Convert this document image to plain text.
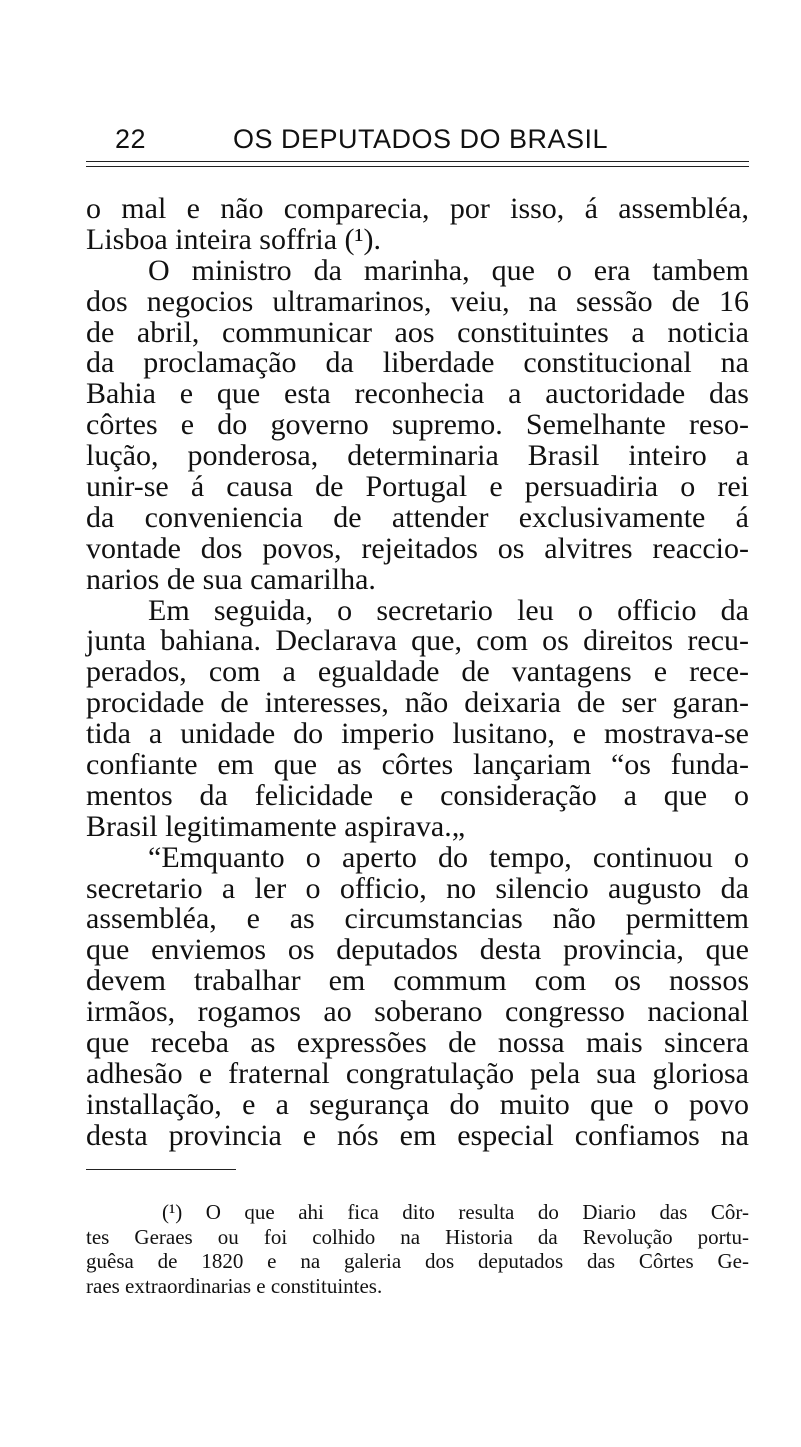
22	OS DEPUTADOS DO BRASIL
o mal e não comparecia, por isso, á assembléa,
Lisboa inteira soffria (¹).
O ministro da marinha, que o era tambem
dos negocios ultramarinos, veiu, na sessão de 16
de abril, communicar aos constituintes a noticia
da proclamação da liberdade constitucional na
Bahia e que esta reconhecia a auctoridade das
côrtes e do governo supremo. Semelhante reso-
lução, ponderosa, determinaria Brasil inteiro a
unir-se á causa de Portugal e persuadiria o rei
da conveniencia de attender exclusivamente á
vontade dos povos, rejeitados os alvitres reaccio-
narios de sua camarilha.
Em seguida, o secretario leu o officio da
junta bahiana. Declarava que, com os direitos recu-
perados, com a egualdade de vantagens e rece-
procidade de interesses, não deixaria de ser garan-
tida a unidade do imperio lusitano, e mostrava-se
confiante em que as côrtes lançariam “os funda-
mentos da felicidade e consideração a que o
Brasil legitimamente aspirava.„
“Emquanto o aperto do tempo, continuou o
secretario a ler o officio, no silencio augusto da
assembléa, e as circumstancias não permittem
que enviemos os deputados desta provincia, que
devem trabalhar em commum com os nossos
irmãos, rogamos ao soberano congresso nacional
que receba as expressões de nossa mais sincera
adhesão e fraternal congratulação pela sua gloriosa
installação, e a segurança do muito que o povo
desta provincia e nós em especial confiamos na
(¹) O que ahi fica dito resulta do Diario das Côr-
tes Geraes ou foi colhido na Historia da Revolução portu-
guêsa de 1820 e na galeria dos deputados das Côrtes Ge-
raes extraordinarias e constituintes.
